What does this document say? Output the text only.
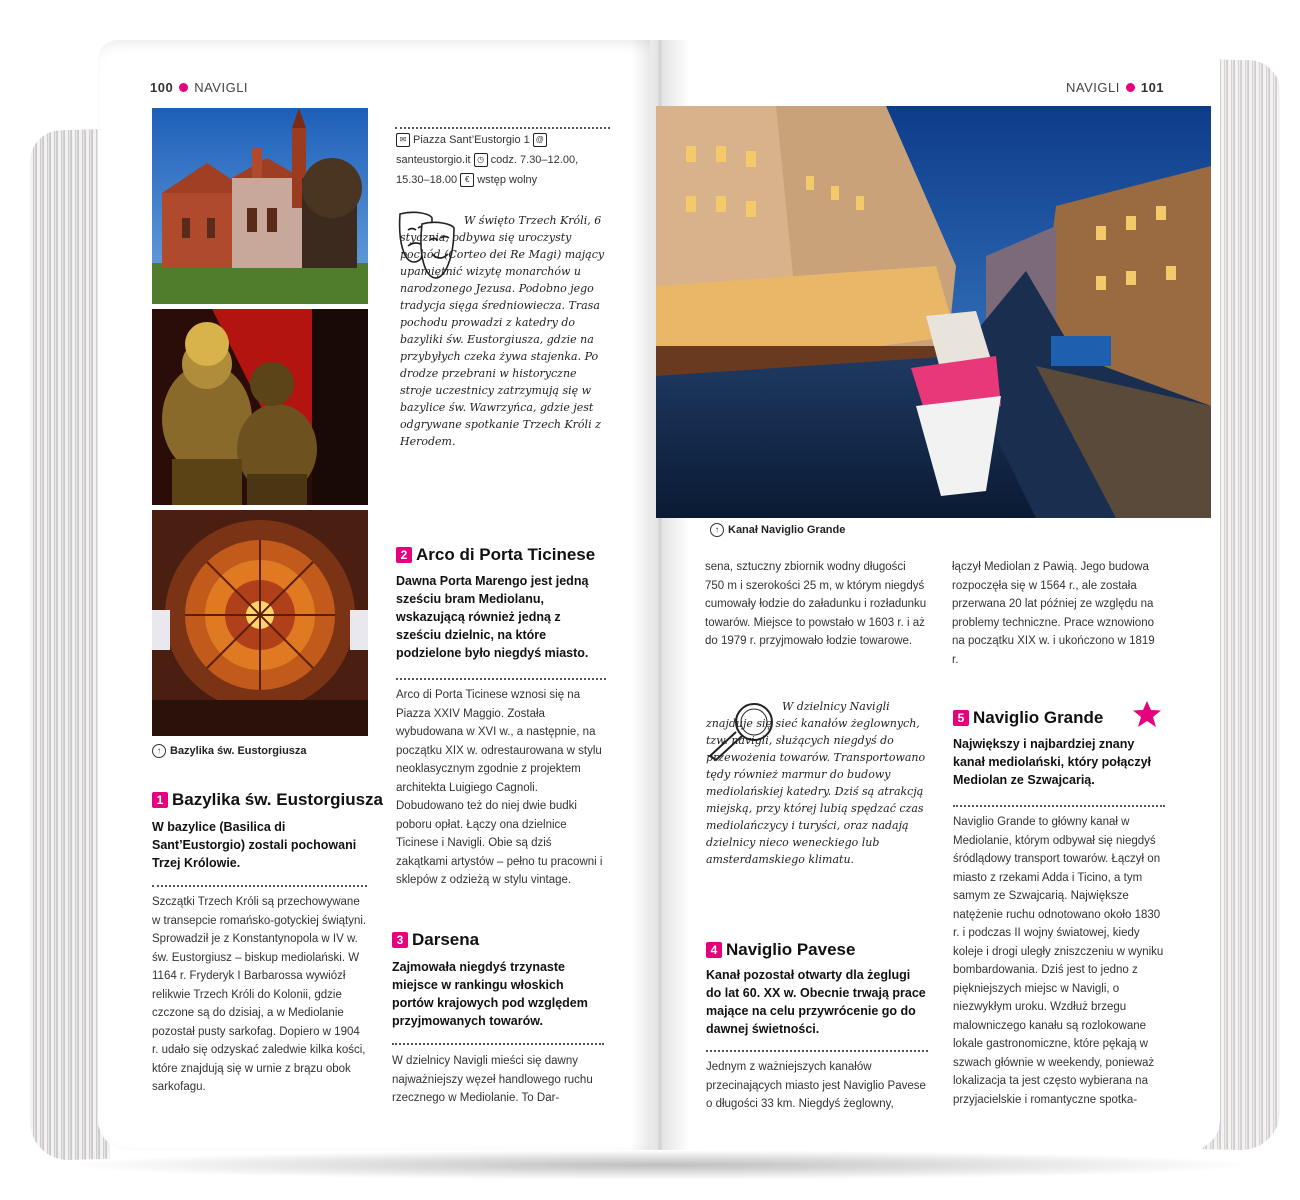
100 NAVIGLI
↑ Bazylika św. Eustorgiusza
1 Bazylika św. Eustorgiusza
W bazylice (Basilica di Sant’Eustorgio) zostali pochowani Trzej Królowie.
Szczątki Trzech Króli są przechowywane w transepcie romańsko-gotyckiej świątyni. Sprowadził je z Konstantynopola w IV w. św. Eustorgiusz – biskup mediolański. W 1164 r. Fryderyk I Barbarossa wywiózł relikwie Trzech Króli do Kolonii, gdzie czczone są do dzisiaj, a w Mediolanie pozostał pusty sarkofag. Dopiero w 1904 r. udało się odzyskać zaledwie kilka kości, które znajdują się w urnie z brązu obok sarkofagu.
✉ Piazza Sant’Eustorgio 1 @santeustorgio.it ◷ codz. 7.30–12.00, 15.30–18.00 € wstęp wolny
W święto Trzech Króli, 6 stycznia, odbywa się uroczysty pochód (Corteo dei Re Magi) mający upamiętnić wizytę monarchów u narodzonego Jezusa. Podobno jego tradycja sięga średniowiecza. Trasa pochodu prowadzi z katedry do bazyliki św. Eustorgiusza, gdzie na przybyłych czeka żywa stajenka. Po drodze przebrani w historyczne stroje uczestnicy zatrzymują się w bazylice św. Wawrzyńca, gdzie jest odgrywane spotkanie Trzech Króli z Herodem.
2 Arco di Porta Ticinese
Dawna Porta Marengo jest jedną sześciu bram Mediolanu, wskazującą również jedną z sześciu dzielnic, na które podzielone było niegdyś miasto.
Arco di Porta Ticinese wznosi się na Piazza XXIV Maggio. Została wybudowana w XVI w., a następnie, na początku XIX w. odrestaurowana w stylu neoklasycznym zgodnie z projektem architekta Luigiego Cagnoli. Dobudowano też do niej dwie budki poboru opłat. Łączy ona dzielnice Ticinese i Navigli. Obie są dziś zakątkami artystów – pełno tu pracowni i sklepów z odzieżą w stylu vintage.
3 Darsena
Zajmowała niegdyś trzynaste miejsce w rankingu włoskich portów krajowych pod względem przyjmowanych towarów.
W dzielnicy Navigli mieści się dawny najważniejszy węzeł handlowego ruchu rzecznego w Mediolanie. To Dar-
NAVIGLI 101
↑ Kanał Naviglio Grande
sena, sztuczny zbiornik wodny długości 750 m i szerokości 25 m, w którym niegdyś cumowały łodzie do załadunku i rozładunku towarów. Miejsce to powstało w 1603 r. i aż do 1979 r. przyjmowało łodzie towarowe.
W dzielnicy Navigli znajduje się sieć kanałów żeglownych, tzw. navigli, służących niegdyś do przewożenia towarów. Transportowano tędy również marmur do budowy mediolańskiej katedry. Dziś są atrakcją miejską, przy której lubią spędzać czas mediolańczycy i turyści, oraz nadają dzielnicy nieco weneckiego lub amsterdamskiego klimatu.
4 Naviglio Pavese
Kanał pozostał otwarty dla żeglugi do lat 60. XX w. Obecnie trwają prace mające na celu przywrócenie go do dawnej świetności.
Jednym z ważniejszych kanałów przecinających miasto jest Naviglio Pavese o długości 33 km. Niegdyś żeglowny,
łączył Mediolan z Pawią. Jego budowa rozpoczęła się w 1564 r., ale została przerwana 20 lat później ze względu na problemy techniczne. Prace wznowiono na początku XIX w. i ukończono w 1819 r.
5 Naviglio Grande
Największy i najbardziej znany kanał mediolański, który połączył Mediolan ze Szwajcarią.
Naviglio Grande to główny kanał w Mediolanie, którym odbywał się niegdyś śródlądowy transport towarów. Łączył on miasto z rzekami Adda i Ticino, a tym samym ze Szwajcarią. Największe natężenie ruchu odnotowano około 1830 r. i podczas II wojny światowej, kiedy koleje i drogi uległy zniszczeniu w wyniku bombardowania. Dziś jest to jedno z piękniejszych miejsc w Navigli, o niezwykłym uroku. Wzdłuż brzegu malowniczego kanału są rozlokowane lokale gastronomiczne, które pękają w szwach głównie w weekendy, ponieważ lokalizacja ta jest często wybierana na przyjacielskie i romantyczne spotka-
